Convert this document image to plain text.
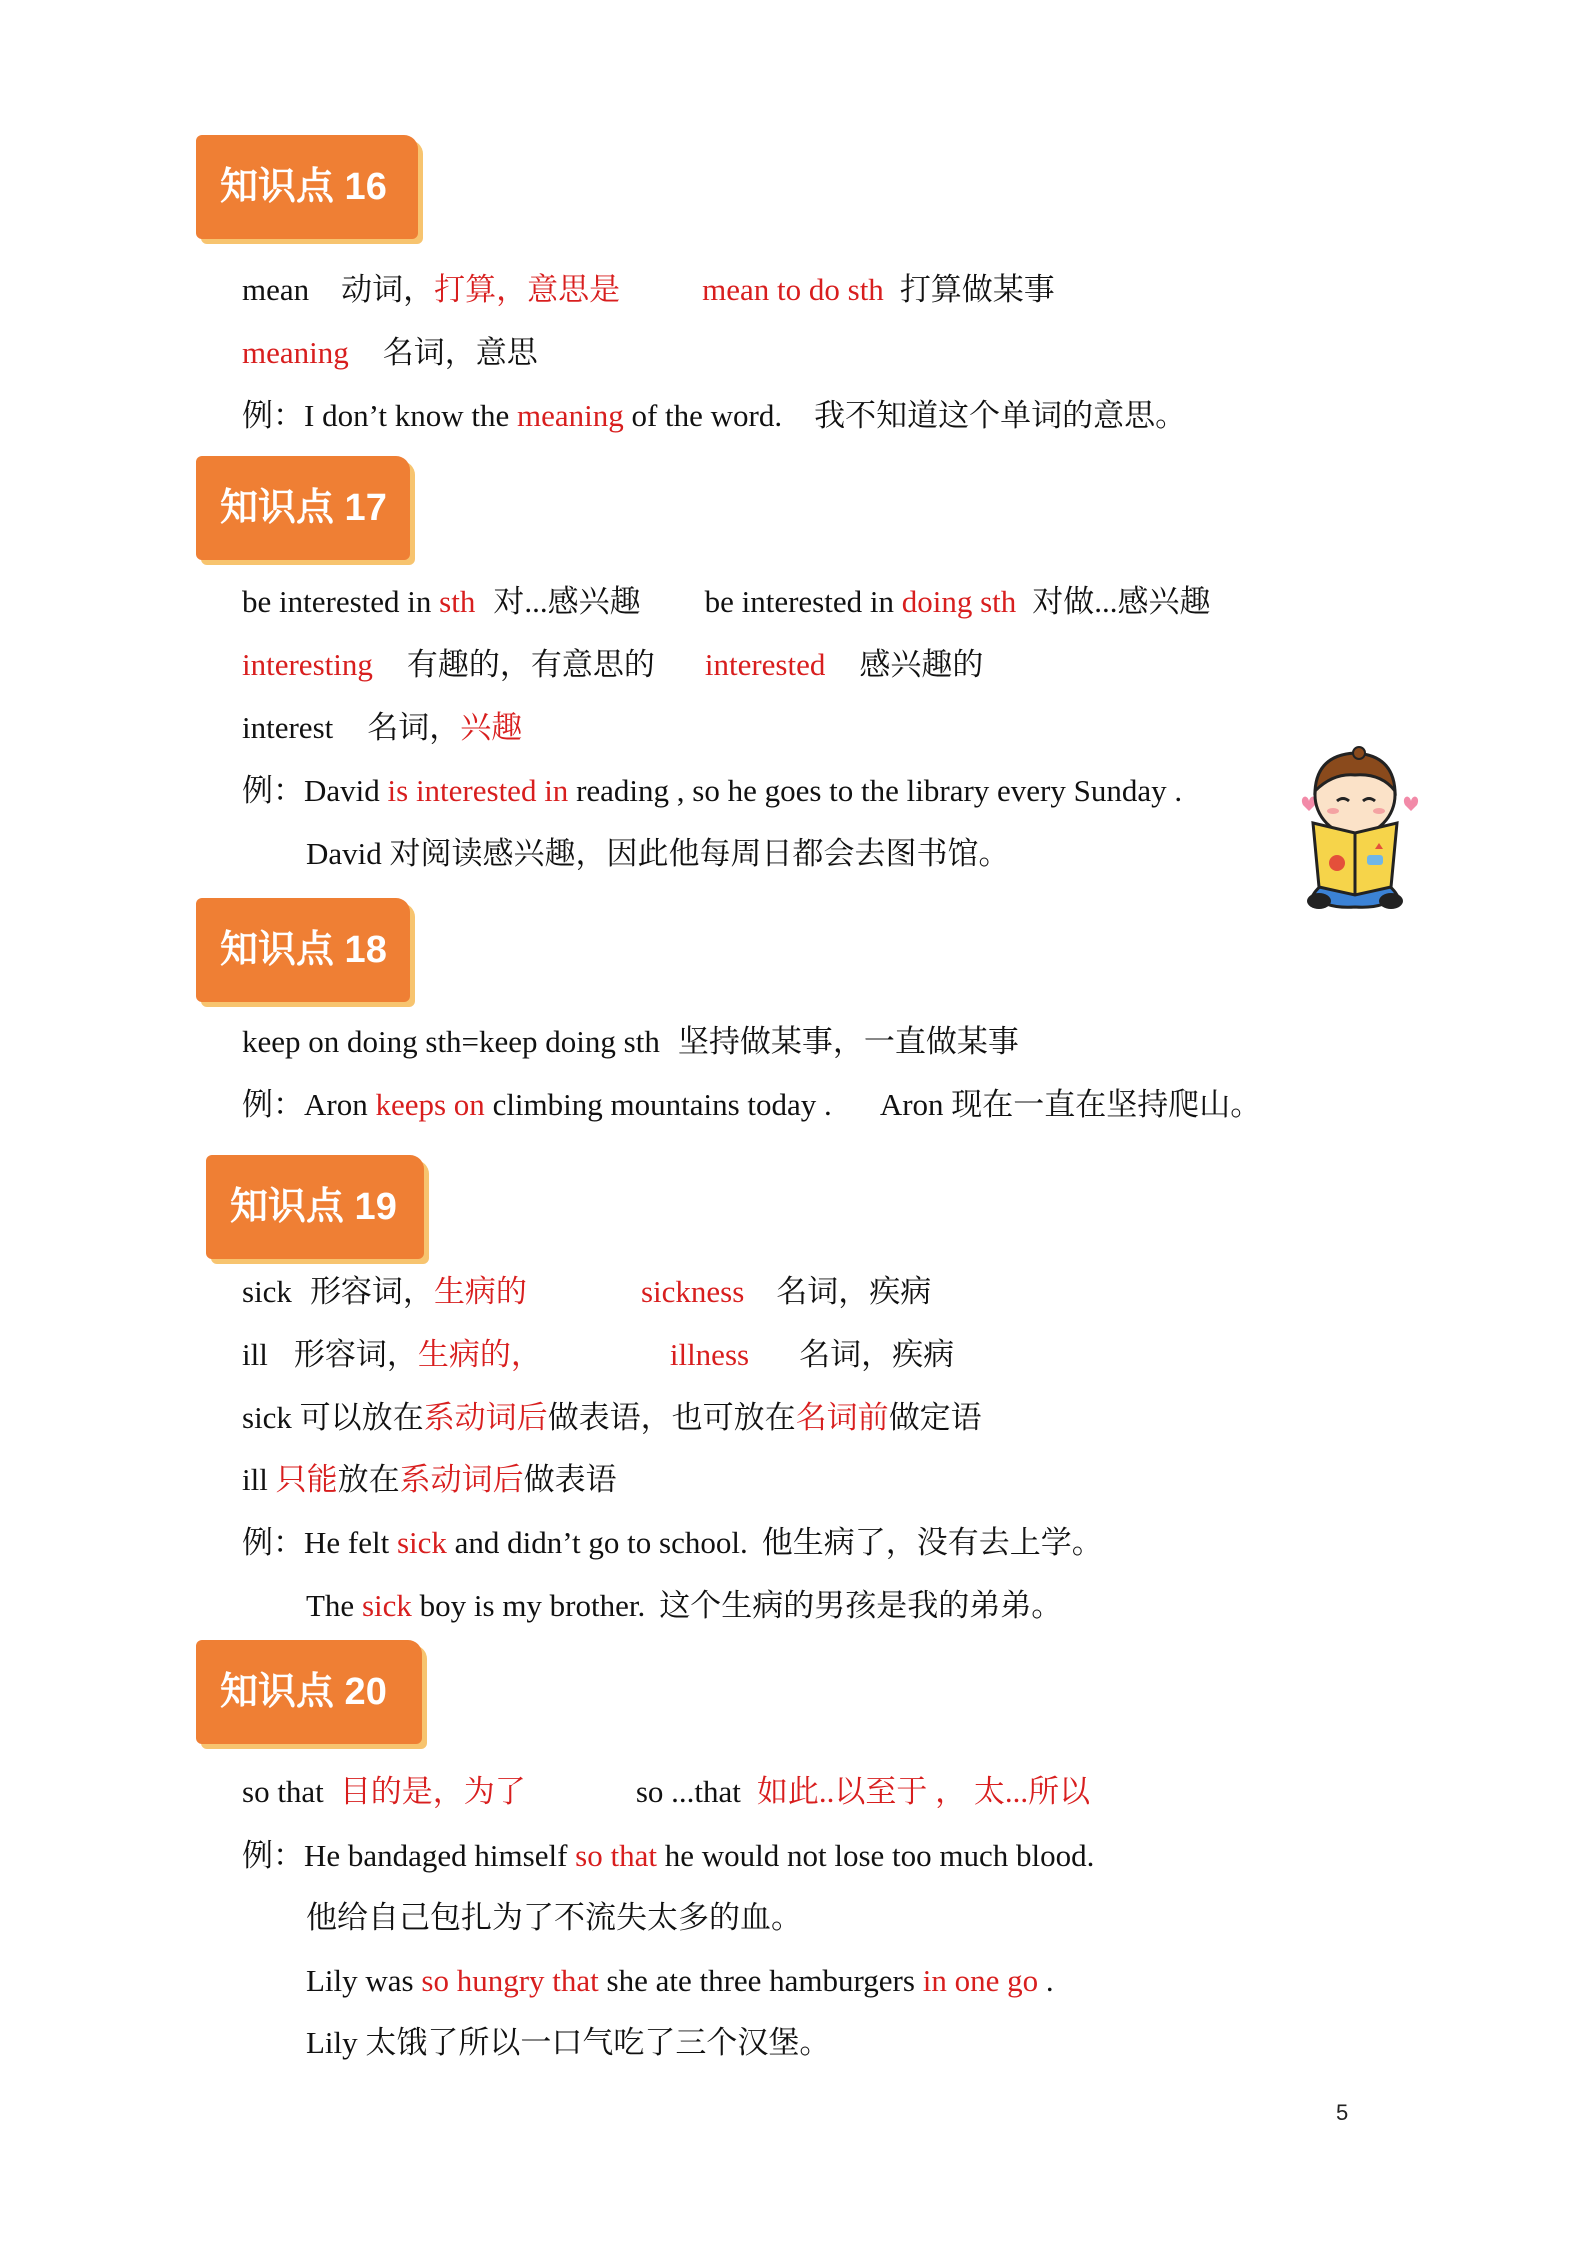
知识点 16
mean 动词，打算，意思是	mean to do sth 打算做某事
meaning 名词，意思
例：I don’t know the meaning of the word. 我不知道这个单词的意思。
知识点 17
be interested in sth 对...感兴趣 be interested in doing sth 对做...感兴趣
interesting 有趣的，有意思的 interested 感兴趣的
interest 名词，兴趣
例：David is interested in reading , so he goes to the library every Sunday .
David 对阅读感兴趣，因此他每周日都会去图书馆。
知识点 18
keep on doing sth=keep doing sth 坚持做某事，一直做某事
例：Aron keeps on climbing mountains today . Aron 现在一直在坚持爬山。
知识点 19
sick 形容词，生病的	sickness 名词，疾病
ill 形容词，生病的，	illness 名词，疾病
sick 可以放在系动词后做表语，也可放在名词前做定语
ill 只能放在系动词后做表语
例：He felt sick and didn’t go to school. 他生病了，没有去上学。
The sick boy is my brother. 这个生病的男孩是我的弟弟。
知识点 20
so that 目的是，为了	so ...that 如此..以至于 ， 太...所以
例：He bandaged himself so that he would not lose too much blood.
他给自己包扎为了不流失太多的血。
Lily was so hungry that she ate three hamburgers in one go .
Lily 太饿了所以一口气吃了三个汉堡。
5
